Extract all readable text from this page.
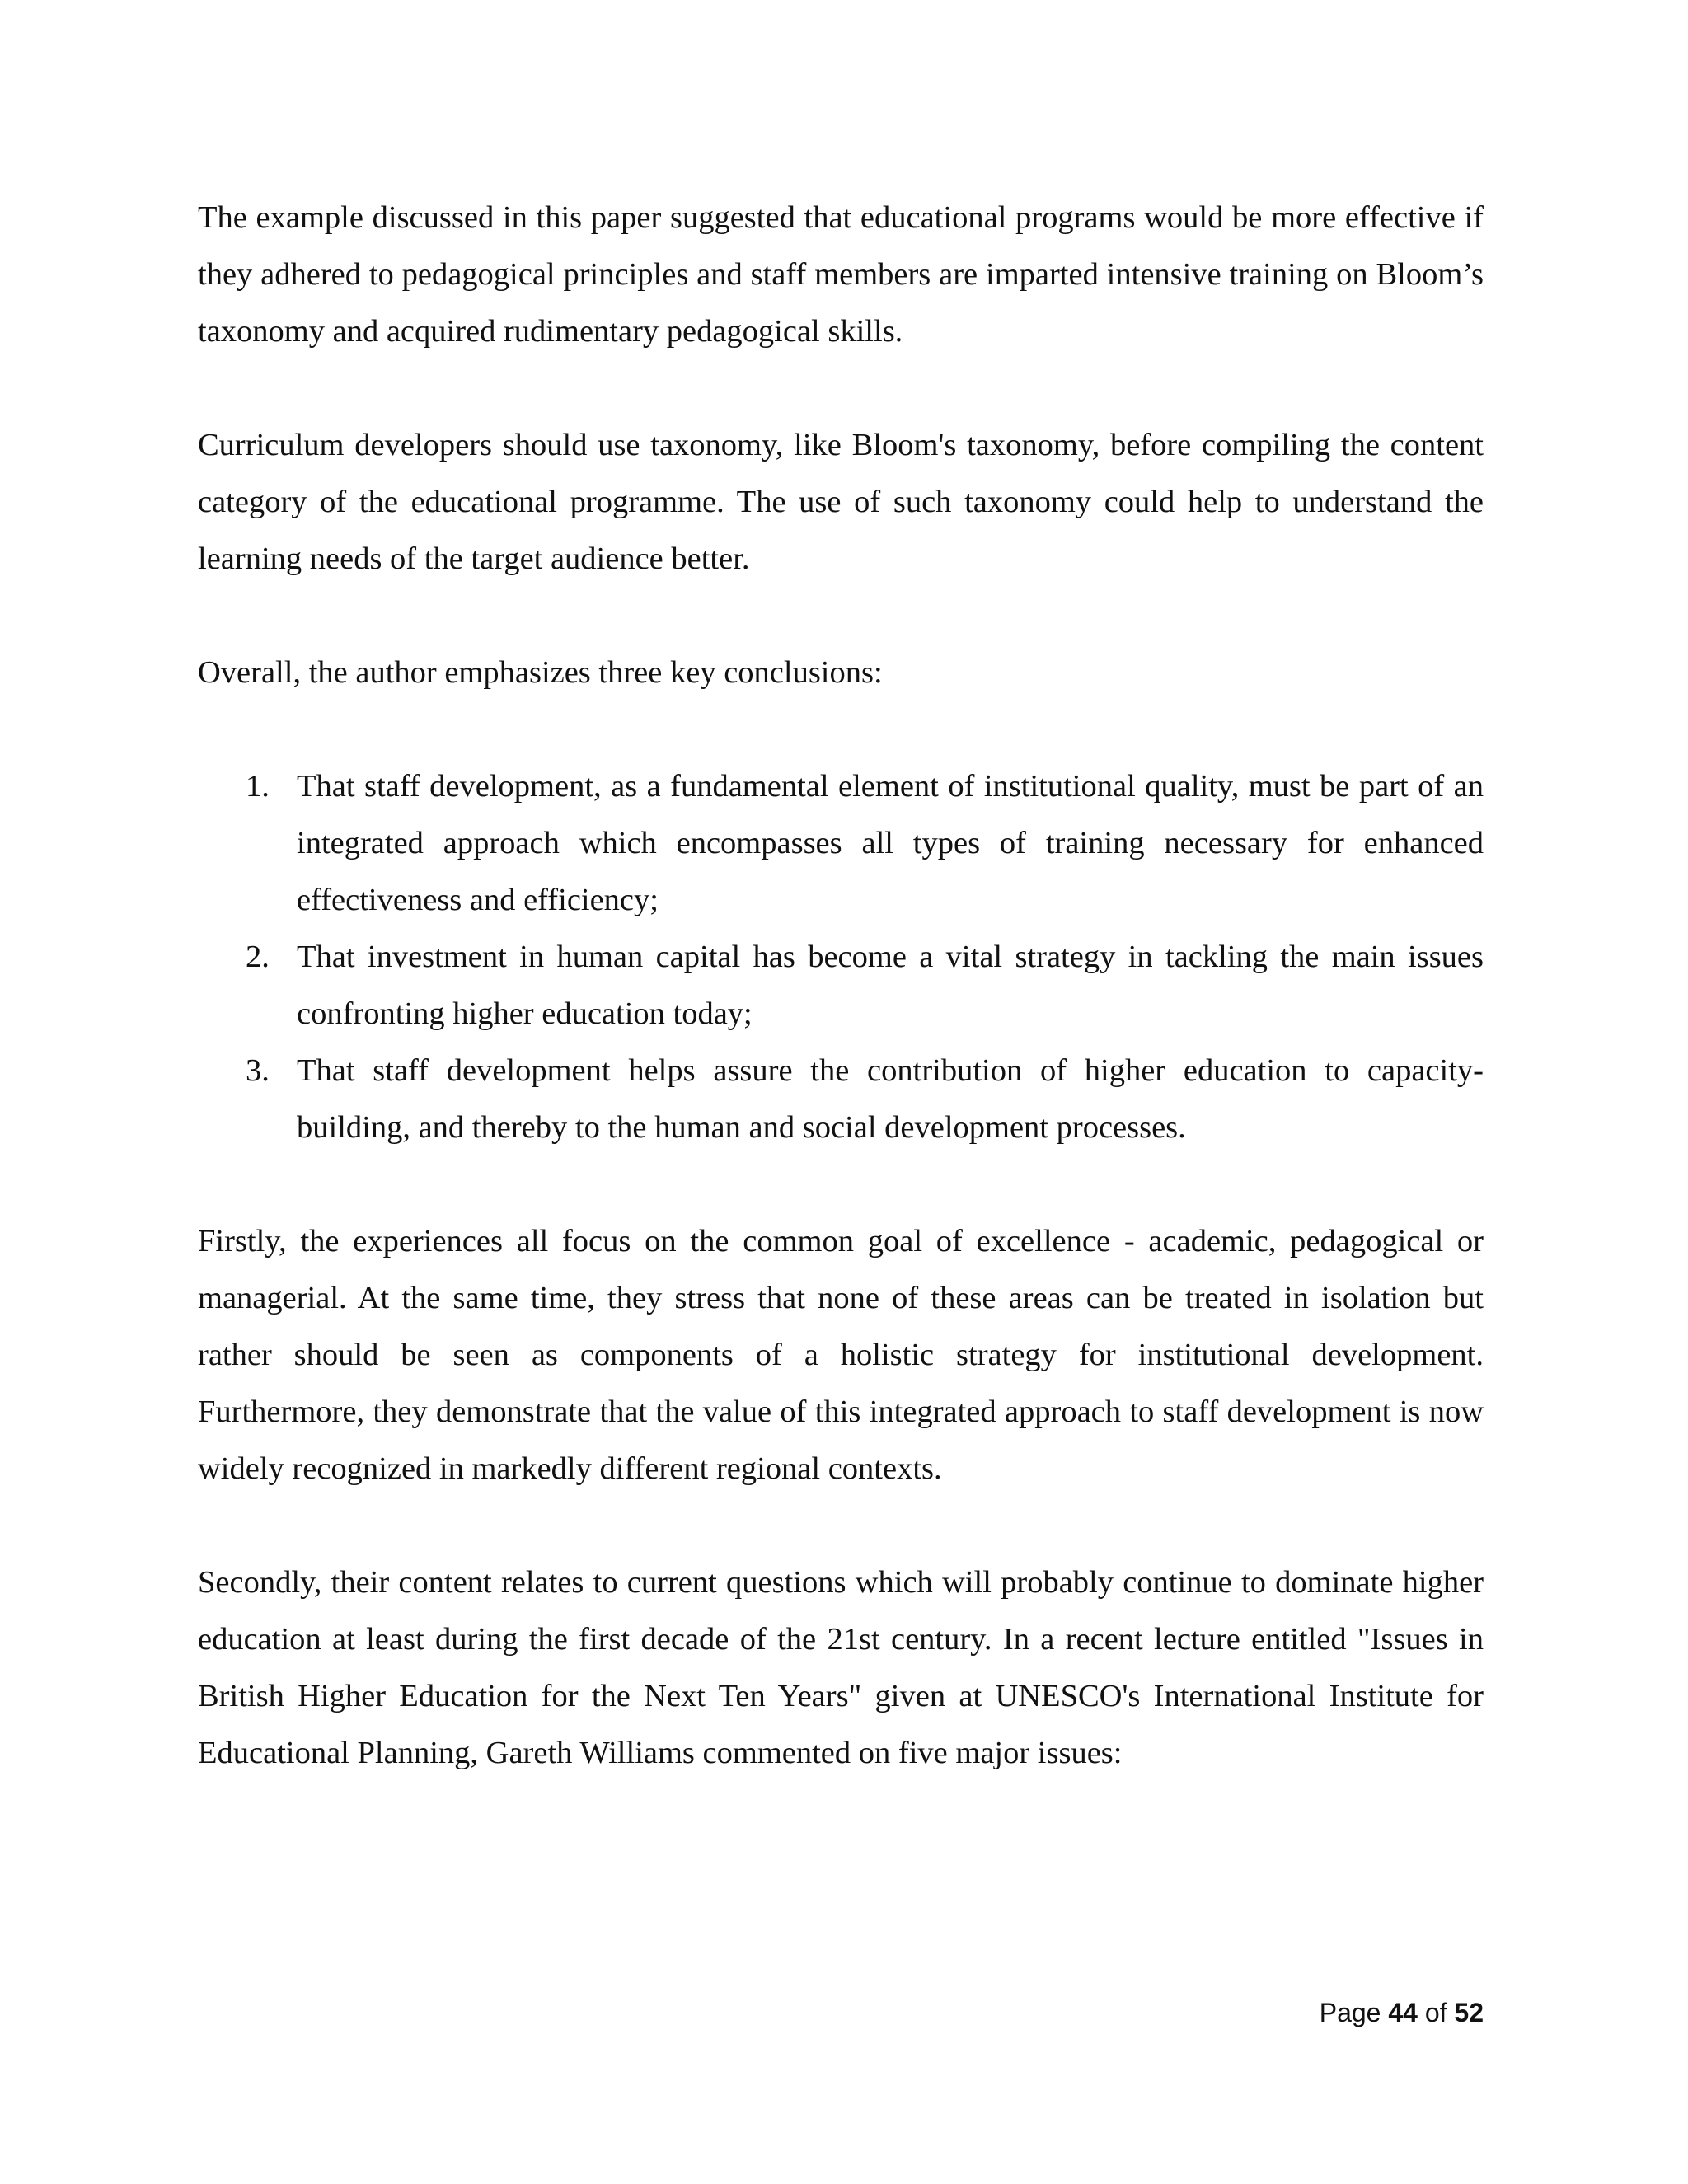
The example discussed in this paper suggested that educational programs would be more effective if they adhered to pedagogical principles and staff members are imparted intensive training on Bloom’s taxonomy and acquired rudimentary pedagogical skills.

Curriculum developers should use taxonomy, like Bloom's taxonomy, before compiling the content category of the educational programme. The use of such taxonomy could help to understand the learning needs of the target audience better.

Overall, the author emphasizes three key conclusions:

1. That staff development, as a fundamental element of institutional quality, must be part of an integrated approach which encompasses all types of training necessary for enhanced effectiveness and efficiency;
2. That investment in human capital has become a vital strategy in tackling the main issues confronting higher education today;
3. That staff development helps assure the contribution of higher education to capacity-building, and thereby to the human and social development processes.

Firstly, the experiences all focus on the common goal of excellence - academic, pedagogical or managerial. At the same time, they stress that none of these areas can be treated in isolation but rather should be seen as components of a holistic strategy for institutional development. Furthermore, they demonstrate that the value of this integrated approach to staff development is now widely recognized in markedly different regional contexts.

Secondly, their content relates to current questions which will probably continue to dominate higher education at least during the first decade of the 21st century. In a recent lecture entitled "Issues in British Higher Education for the Next Ten Years" given at UNESCO's International Institute for Educational Planning, Gareth Williams commented on five major issues:

Page 44 of 52
